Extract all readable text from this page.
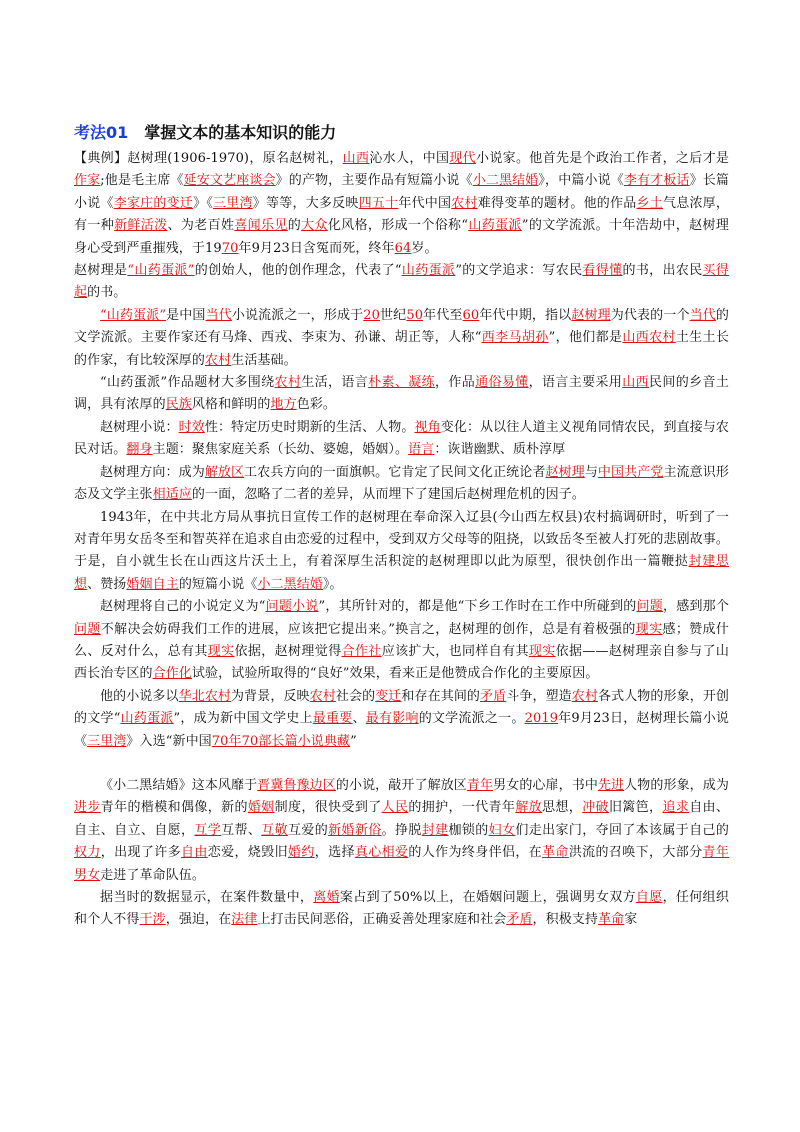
考法01 掌握文本的基本知识的能力

【典例】赵树理(1906-1970)，原名赵树礼，山西沁水人，中国现代小说家。他首先是个政治工作者，之后才是作家;他是毛主席《延安文艺座谈会》的产物，主要作品有短篇小说《小二黑结婚》，中篇小说《李有才板话》长篇小说《李家庄的变迁》《三里湾》等等，大多反映四五十年代中国农村难得变革的题材。他的作品乡土气息浓厚，有一种新鲜活泼、为老百姓喜闻乐见的大众化风格，形成一个俗称“山药蛋派”的文学流派。十年浩劫中，赵树理身心受到严重摧残，于1970年9月23日含冤而死，终年64岁。

赵树理是“山药蛋派”的创始人，他的创作理念，代表了“山药蛋派”的文学追求：写农民看得懂的书，出农民买得起的书。

“山药蛋派”是中国当代小说流派之一，形成于20世纪50年代至60年代中期，指以赵树理为代表的一个当代的文学流派。主要作家还有马烽、西戎、李束为、孙谦、胡正等，人称“西李马胡孙”，他们都是山西农村土生土长的作家，有比较深厚的农村生活基础。

“山药蛋派”作品题材大多围绕农村生活，语言朴素、凝练，作品通俗易懂，语言主要采用山西民间的乡音土调，具有浓厚的民族风格和鲜明的地方色彩。

赵树理小说：时效性：特定历史时期新的生活、人物。视角变化：从以往人道主义视角同情农民，到直接与农民对话。翻身主题：聚焦家庭关系（长幼、婆媳，婚姻）。语言：诙谐幽默、质朴淳厚

赵树理方向：成为解放区工农兵方向的一面旗帜。它肯定了民间文化正统论者赵树理与中国共产党主流意识形态及文学主张相适应的一面，忽略了二者的差异，从而埋下了建国后赵树理危机的因子。

1943年，在中共北方局从事抗日宣传工作的赵树理在奉命深入辽县(今山西左权县)农村搞调研时，听到了一对青年男女岳冬至和智英祥在追求自由恋爱的过程中，受到双方父母等的阻挠，以致岳冬至被人打死的悲剧故事。于是，自小就生长在山西这片沃土上，有着深厚生活积淀的赵树理即以此为原型，很快创作出一篇鞭挞封建思想、赞扬婚姻自主的短篇小说《小二黑结婚》。

赵树理将自己的小说定义为“问题小说”，其所针对的，都是他“下乡工作时在工作中所碰到的问题，感到那个问题不解决会妨碍我们工作的进展，应该把它提出来。”换言之，赵树理的创作，总是有着极强的现实感；赞成什么、反对什么，总有其现实依据，赵树理觉得合作社应该扩大，也同样自有其现实依据——赵树理亲自参与了山西长治专区的合作化试验，试验所取得的“良好”效果，看来正是他赞成合作化的主要原因。

他的小说多以华北农村为背景，反映农村社会的变迁和存在其间的矛盾斗争，塑造农村各式人物的形象，开创的文学“山药蛋派”，成为新中国文学史上最重要、最有影响的文学流派之一。2019年9月23日，赵树理长篇小说《三里湾》入选“新中国70年70部长篇小说典藏”

《小二黑结婚》这本风靡于晋冀鲁豫边区的小说，敲开了解放区青年男女的心扉，书中先进人物的形象，成为进步青年的楷模和偶像，新的婚姻制度，很快受到了人民的拥护，一代青年解放思想，冲破旧篱笆，追求自由、自主、自立、自愿，互学互帮、互敬互爱的新婚新俗。挣脱封建枷锁的妇女们走出家门，夺回了本该属于自己的权力，出现了许多自由恋爱，烧毁旧婚约，选择真心相爱的人作为终身伴侣，在革命洪流的召唤下，大部分青年男女走进了革命队伍。

据当时的数据显示，在案件数量中，离婚案占到了50%以上，在婚姻问题上，强调男女双方自愿，任何组织和个人不得干涉，强迫，在法律上打击民间恶俗，正确妥善处理家庭和社会矛盾，积极支持革命家
